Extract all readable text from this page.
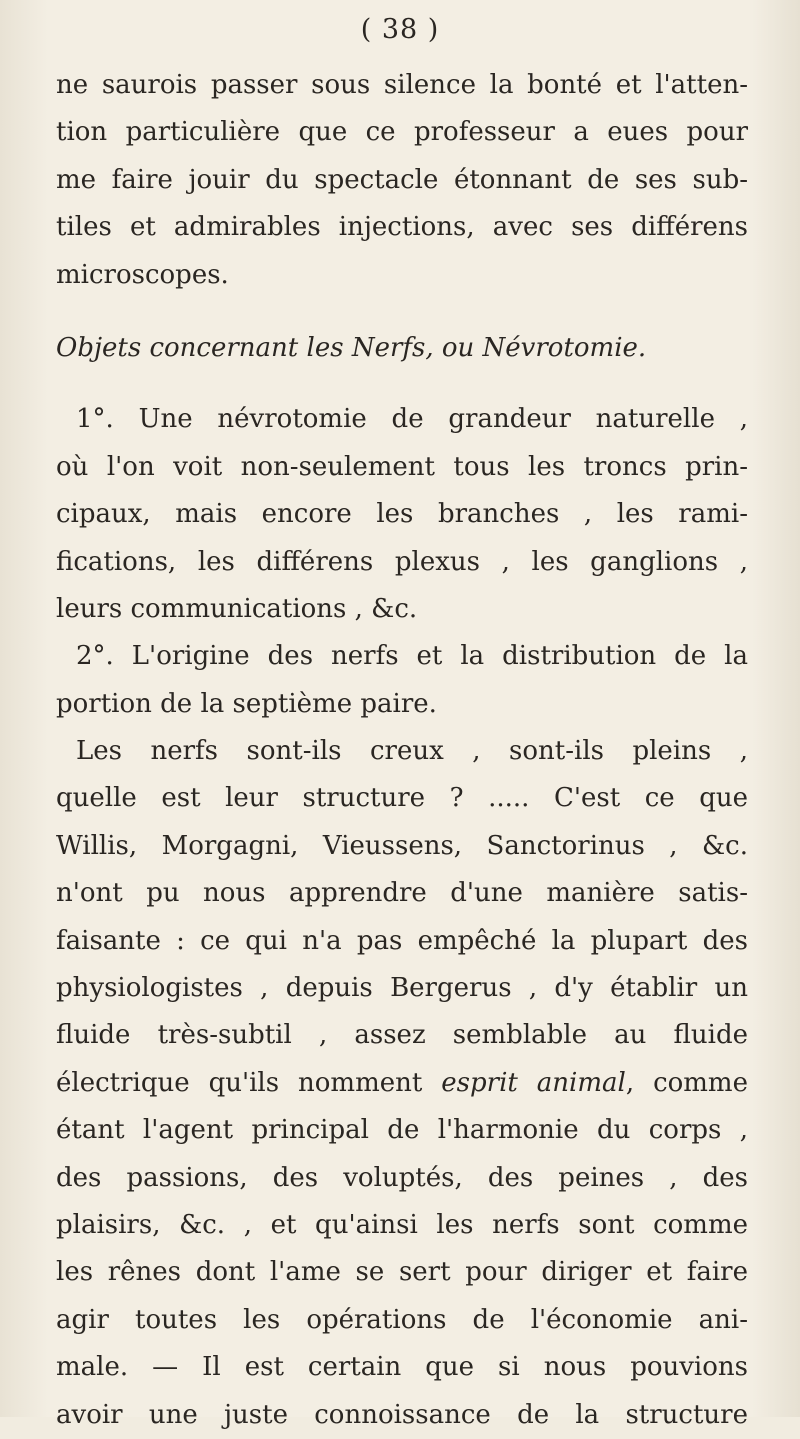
( 38 )
ne saurois passer sous silence la bonté et l'atten-
tion particulière que ce professeur a eues pour
me faire jouir du spectacle étonnant de ses sub-
tiles et admirables injections, avec ses différens
microscopes.
Objets concernant les Nerfs, ou Névrotomie.
1°. Une névrotomie de grandeur naturelle ,
où l'on voit non-seulement tous les troncs prin-
cipaux, mais encore les branches , les rami-
fications, les différens plexus , les ganglions ,
leurs communications , &c.
2°. L'origine des nerfs et la distribution de la
portion de la septième paire.
Les nerfs sont-ils creux , sont-ils pleins ,
quelle est leur structure ? ..... C'est ce que
Willis, Morgagni, Vieussens, Sanctorinus , &c.
n'ont pu nous apprendre d'une manière satis-
faisante : ce qui n'a pas empêché la plupart des
physiologistes , depuis Bergerus , d'y établir un
fluide très-subtil , assez semblable au fluide
électrique qu'ils nomment esprit animal, comme
étant l'agent principal de l'harmonie du corps ,
des passions, des voluptés, des peines , des
plaisirs, &c. , et qu'ainsi les nerfs sont comme
les rênes dont l'ame se sert pour diriger et faire
agir toutes les opérations de l'économie ani-
male. — Il est certain que si nous pouvions
avoir une juste connoissance de la structure
